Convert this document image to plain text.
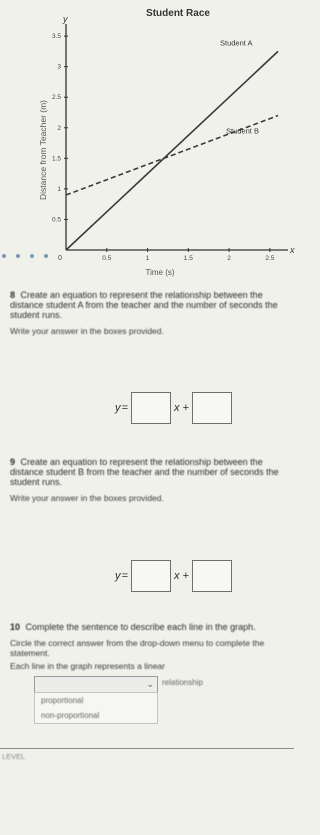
Student Race
Distance from Teacher (m)
Time (s)
x
y
0	0.5	1	1.5	2	2.5
0.5
1
1.5
2
2.5
3
3.5
Student A
Student B
8 Create an equation to represent the relationship between the distance student A from the teacher and the number of seconds the student runs.
Write your answer in the boxes provided.
y =	x +
9 Create an equation to represent the relationship between the distance student B from the teacher and the number of seconds the student runs.
Write your answer in the boxes provided.
y =	x +
10 Complete the sentence to describe each line in the graph.
Circle the correct answer from the drop-down menu to complete the statement.
Each line in the graph represents a linear
⌄ relationship
proportional
non-proportional
LEVEL
